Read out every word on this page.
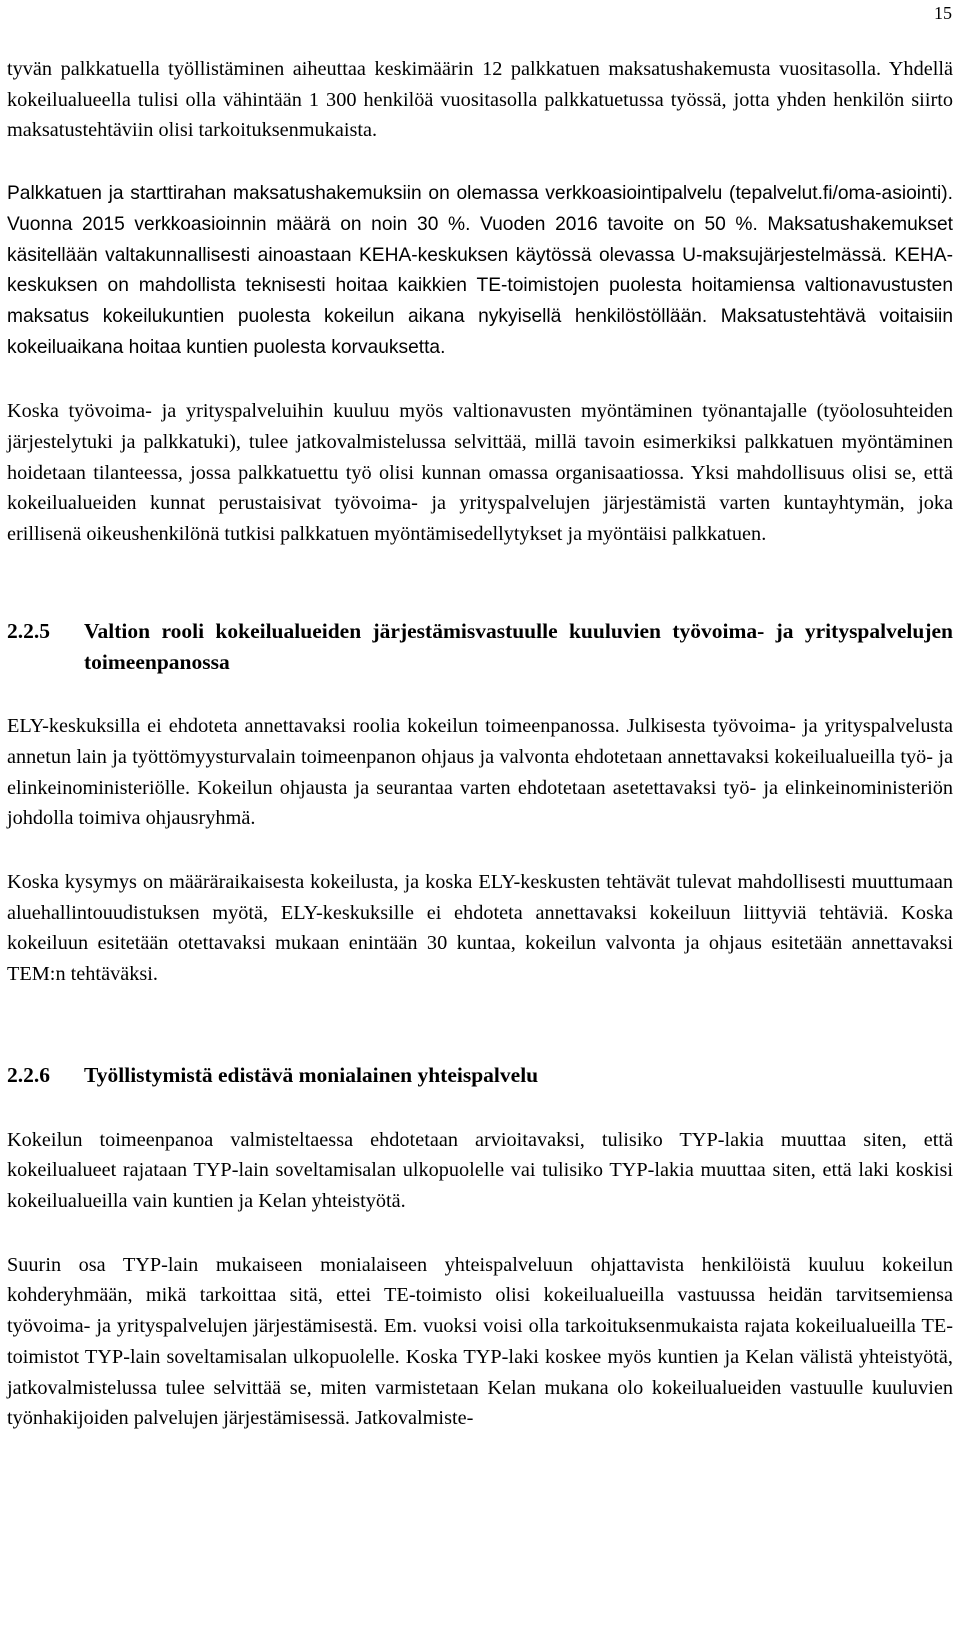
15

tyvän palkkatuella työllistäminen aiheuttaa keskimäärin 12 palkkatuen maksatushakemusta vuositasolla. Yhdellä kokeilualueella tulisi olla vähintään 1 300 henkilöä vuositasolla palkkatuetussa työssä, jotta yhden henkilön siirto maksatustehtäviin olisi tarkoituksenmukaista.

Palkkatuen ja starttirahan maksatushakemuksiin on olemassa verkkoasiointipalvelu (tepalvelut.fi/oma-asiointi). Vuonna 2015 verkkoasioinnin määrä on noin 30 %. Vuoden 2016 tavoite on 50 %. Maksatushakemukset käsitellään valtakunnallisesti ainoastaan KEHA-keskuksen käytössä olevassa U-maksujärjestelmässä. KEHA-keskuksen on mahdollista teknisesti hoitaa kaikkien TE-toimistojen puolesta hoitamiensa valtionavustusten maksatus kokeilukuntien puolesta kokeilun aikana nykyisellä henkilöstöllään. Maksatustehtävä voitaisiin kokeiluaikana hoitaa kuntien puolesta korvauksetta.

Koska työvoima- ja yrityspalveluihin kuuluu myös valtionavusten myöntäminen työnantajalle (työolosuhteiden järjestelytuki ja palkkatuki), tulee jatkovalmistelussa selvittää, millä tavoin esimerkiksi palkkatuen myöntäminen hoidetaan tilanteessa, jossa palkkatuettu työ olisi kunnan omassa organisaatiossa. Yksi mahdollisuus olisi se, että kokeilualueiden kunnat perustaisivat työvoima- ja yrityspalvelujen järjestämistä varten kuntayhtymän, joka erillisenä oikeushenkilönä tutkisi palkkatuen myöntämisedellytykset ja myöntäisi palkkatuen.

2.2.5	Valtion rooli kokeilualueiden järjestämisvastuulle kuuluvien työvoima- ja yrityspalvelujen toimeenpanossa

ELY-keskuksilla ei ehdoteta annettavaksi roolia kokeilun toimeenpanossa. Julkisesta työvoima- ja yrityspalvelusta annetun lain ja työttömyysturvalain toimeenpanon ohjaus ja valvonta ehdotetaan annettavaksi kokeilualueilla työ- ja elinkeinoministeriölle. Kokeilun ohjausta ja seurantaa varten ehdotetaan asetettavaksi työ- ja elinkeinoministeriön johdolla toimiva ohjausryhmä.

Koska kysymys on määräraikaisesta kokeilusta, ja koska ELY-keskusten tehtävät tulevat mahdollisesti muuttumaan aluehallintouudistuksen myötä, ELY-keskuksille ei ehdoteta annettavaksi kokeiluun liittyviä tehtäviä. Koska kokeiluun esitetään otettavaksi mukaan enintään 30 kuntaa, kokeilun valvonta ja ohjaus esitetään annettavaksi TEM:n tehtäväksi.

2.2.6	Työllistymistä edistävä monialainen yhteispalvelu

Kokeilun toimeenpanoa valmisteltaessa ehdotetaan arvioitavaksi, tulisiko TYP-lakia muuttaa siten, että kokeilualueet rajataan TYP-lain soveltamisalan ulkopuolelle vai tulisiko TYP-lakia muuttaa siten, että laki koskisi kokeilualueilla vain kuntien ja Kelan yhteistyötä.

Suurin osa TYP-lain mukaiseen monialaiseen yhteispalveluun ohjattavista henkilöistä kuuluu kokeilun kohderyhmään, mikä tarkoittaa sitä, ettei TE-toimisto olisi kokeilualueilla vastuussa heidän tarvitsemiensa työvoima- ja yrityspalvelujen järjestämisestä. Em. vuoksi voisi olla tarkoituksenmukaista rajata kokeilualueilla TE-toimistot TYP-lain soveltamisalan ulkopuolelle. Koska TYP-laki koskee myös kuntien ja Kelan välistä yhteistyötä, jatkovalmistelussa tulee selvittää se, miten varmistetaan Kelan mukana olo kokeilualueiden vastuulle kuuluvien työnhakijoiden palvelujen järjestämisessä. Jatkovalmiste-
